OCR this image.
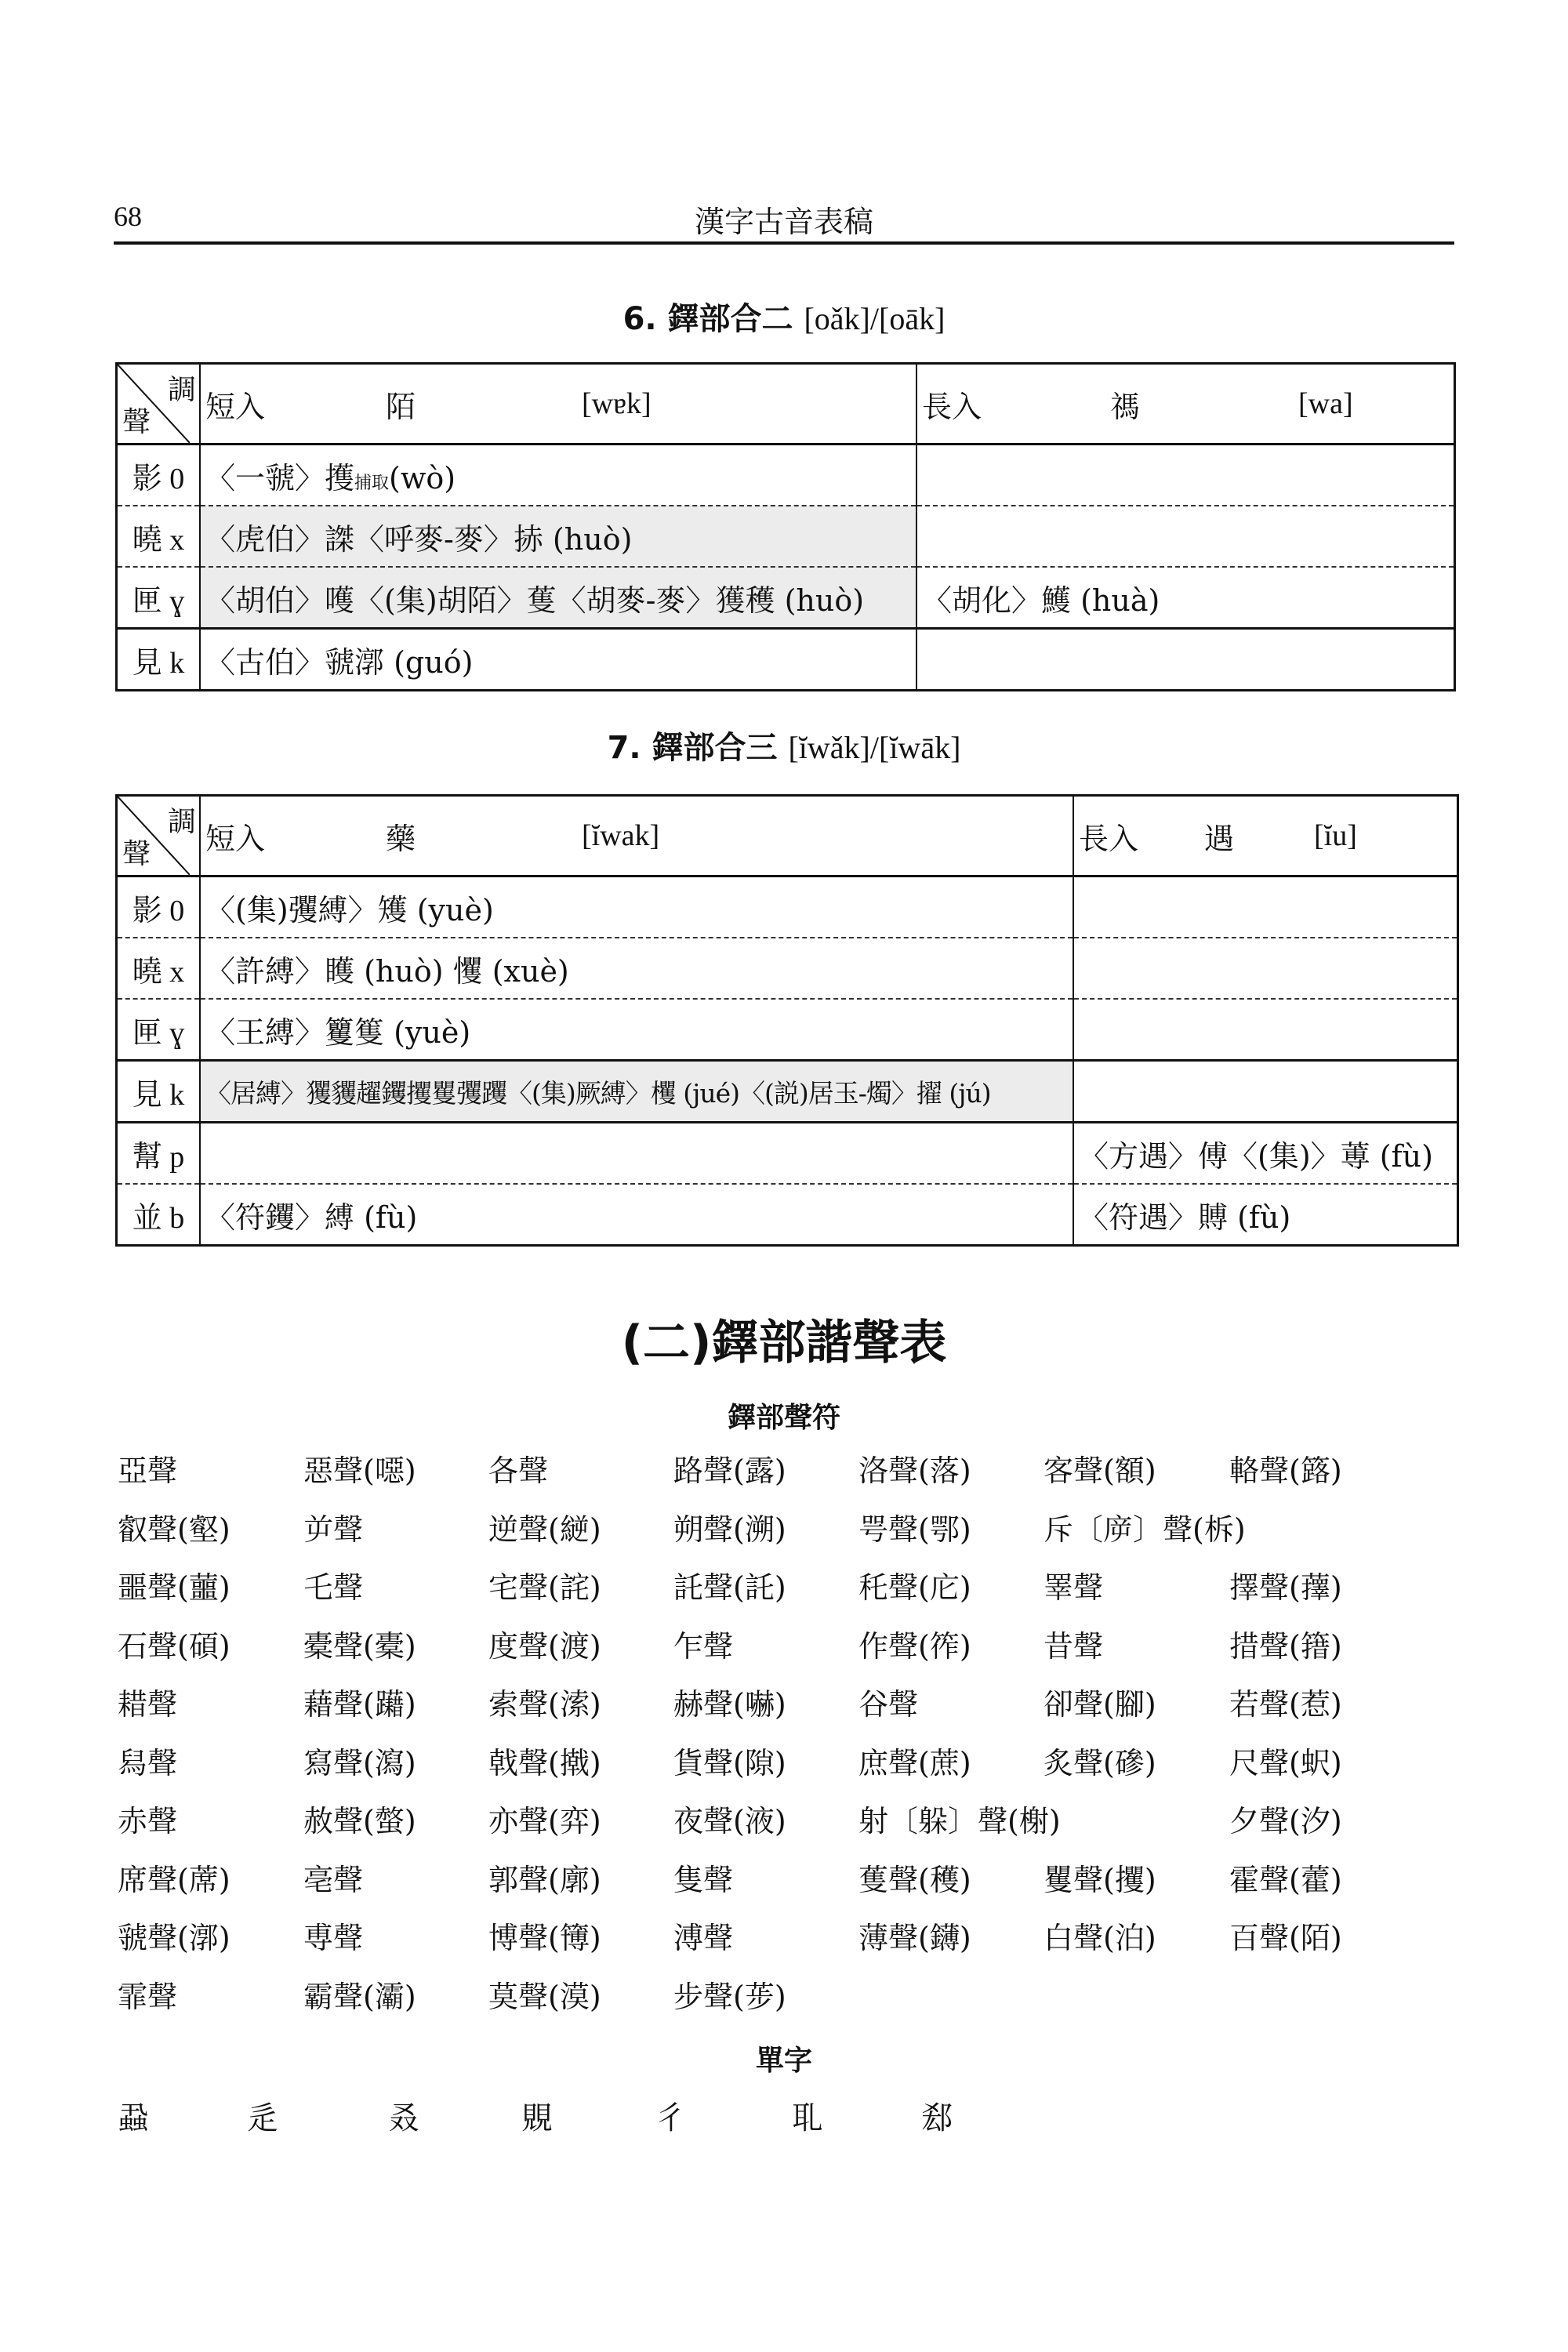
68	漢字古音表稿
6. 鐸部合二 [oǎk]/[oāk]
調
聲	短入 陌 [wɐk]	長入 禡 [wa]

影 0	〈一虢〉擭捕取(wò)	
曉 x	〈虎伯〉謋〈呼麥-麥〉捇 (huò)	
匣 ɣ	〈胡伯〉嚄〈(集)胡陌〉蒦〈胡麥-麥〉獲穫 (huò)	〈胡化〉鱯 (huà)
見 k	〈古伯〉虢漷 (guó)	
7. 鐸部合三 [ĭwǎk]/[ĭwāk]
調
聲	短入 藥 [ĭwak]	長入 遇 [ĭu]

影 0	〈(集)彏縛〉矱 (yuè)	
曉 x	〈許縛〉矆 (huò) 戄 (xuè)	
匣 ɣ	〈王縛〉籰篗 (yuè)	
見 k	〈居縛〉玃貜趯钁攫矍彏躩〈(集)厥縛〉欔 (jué)〈(説)居玉-燭〉擢 (jú)	
幫 p		〈方遇〉傅〈(集)〉蒪 (fù)
並 b	〈符钁〉縛 (fù)	〈符遇〉賻 (fù)
(二)鐸部諧聲表
鐸部聲符
亞聲	惡聲(噁) 各聲	路聲(露) 洛聲(落) 客聲(額) 輅聲(簬)
叡聲(壑) 屰聲	逆聲(縌) 朔聲(溯) 咢聲(鄂) 斥〔㡿〕聲(柝)
噩聲(蘁) 乇聲	宅聲(詫) 託聲(託) 秅聲(庀) 睪聲	擇聲(蘀)
石聲(碩) 橐聲(橐) 度聲(渡) 乍聲	作聲(筰) 昔聲	措聲(簎)
耤聲	藉聲(躤) 索聲(溹) 赫聲(嚇) 谷聲	卻聲(腳) 若聲(惹)
舄聲	寫聲(瀉) 戟聲(撠) 貨聲(隙) 庶聲(蔗) 炙聲(磣) 尺聲(蚇)
赤聲	赦聲(螫) 亦聲(弈) 夜聲(液) 射〔躲〕聲(榭)	夕聲(汐)
席聲(蓆) 亳聲	郭聲(廓) 隻聲	蒦聲(穫) 矍聲(攫) 霍聲(藿)
虢聲(漷) 尃聲	博聲(簙) 溥聲	薄聲(鑮) 白聲(泊) 百聲(陌)
霏聲	霸聲(灞) 莫聲(漠) 步聲(荹)
單字
蝨	辵	叒	覞	彳	耴	郄
